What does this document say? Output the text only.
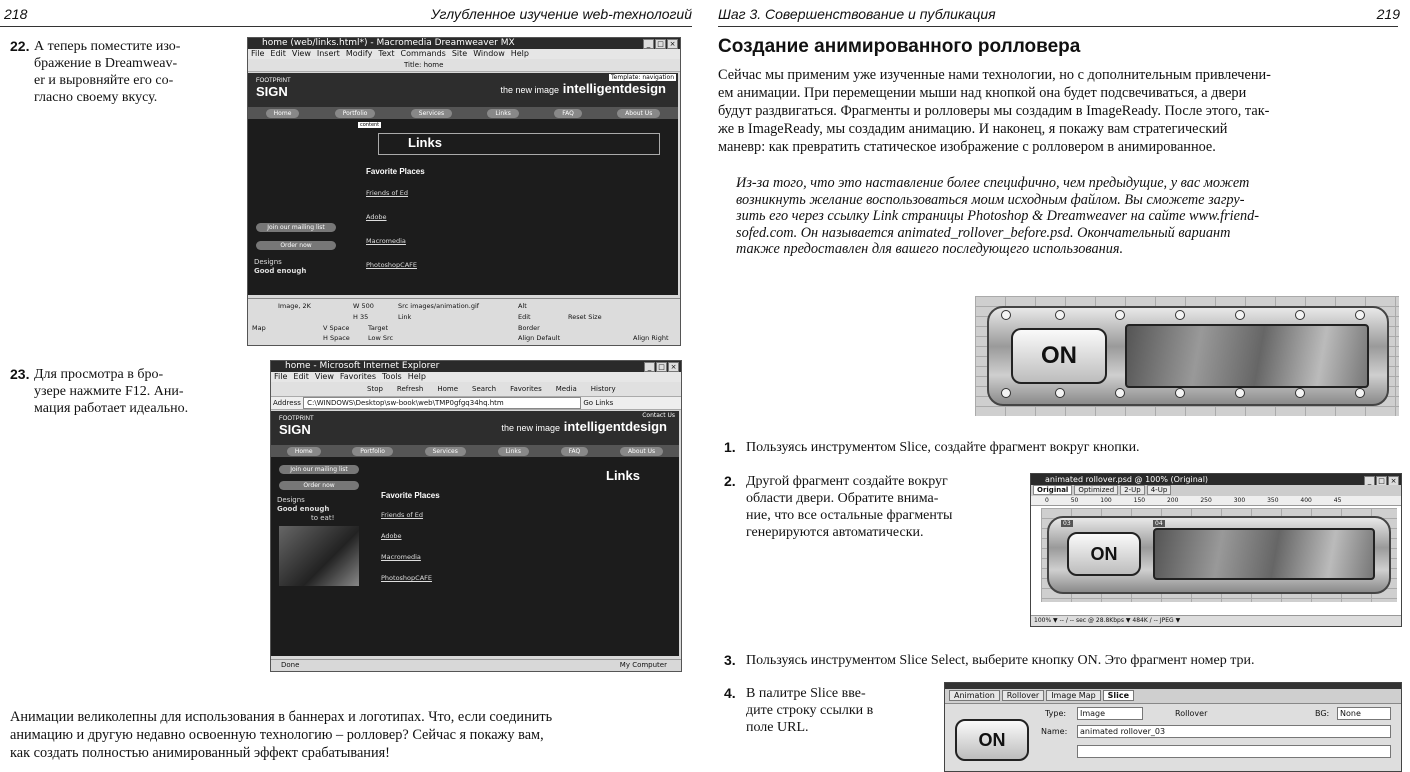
218	Углубленное изучение web-технологий
22. А теперь поместите изо-
бражение в Dreamweav-
er и выровняйте его со-
гласно своему вкусу.
home (web/links.html*) - Macromedia Dreamweaver MX	_ □ ×
File Edit View Insert Modify Text Commands Site Window Help
Title: home
FOOTPRINT
SIGN	the new image intelligentdesign
Template: navigation
Home	Portfolio	Services	Links	FAQ	About Us
content
Links
Favorite Places
Friends of Ed
Adobe
Macromedia
PhotoshopCAFE
Join our mailing list
Order now
Designs
Good enough
Image, 2K	W 500
H 35
Src images/animation.gif
Link
Alt
Edit	Reset Size
Map	V Space	Target	Border
H Space	Low Src	Align Default	Align Right
23. Для просмотра в бро-
узере нажмите F12. Ани-
мация работает идеально.
home - Microsoft Internet Explorer	_ □ ×
File Edit View Favorites Tools Help
Stop Refresh Home Search Favorites Media History
Address C:\WINDOWS\Desktop\sw-book\web\TMP0gfgq34hq.htm	Go Links
FOOTPRINT
SIGN	the new image intelligentdesign
Contact Us
Home	Portfolio	Services	Links	FAQ	About Us
Join our mailing list
Order now
Designs
Good enough
to eat!
Links
Favorite Places
Friends of Ed
Adobe
Macromedia
PhotoshopCAFE
Done	My Computer
Анимации великолепны для использования в баннерах и логотипах. Что, если соединить
анимацию и другую недавно освоенную технологию – ролловер? Сейчас я покажу вам,
как создать полностью анимированный эффект срабатывания!
Шаг 3. Совершенствование и публикация	219
Создание анимированного ролловера
Сейчас мы применим уже изученные нами технологии, но с дополнительным привлечени-
ем анимации. При перемещении мыши над кнопкой она будет подсвечиваться, а двери
будут раздвигаться. Фрагменты и ролловеры мы создадим в ImageReady. После этого, так-
же в ImageReady, мы создадим анимацию. И наконец, я покажу вам стратегический
маневр: как превратить статическое изображение с ролловером в анимированное.
Из-за того, что это наставление более специфично, чем предыдущие, у вас может
возникнуть желание воспользоваться моим исходным файлом. Вы сможете загру-
зить его через ссылку Link страницы Photoshop & Dreamweaver на сайте www.friend-
sofed.com. Он называется animated_rollover_before.psd. Окончательный вариант
также предоставлен для вашего последующего использования.
ON
1. Пользуясь инструментом Slice, создайте фрагмент вокруг кнопки.
2. Другой фрагмент создайте вокруг
области двери. Обратите внима-
ние, что все остальные фрагменты
генерируются автоматически.
animated rollover.psd @ 100% (Original)	_ □ ×
Original Optimized 2-Up 4-Up
0 50 100 150 200 250 300 350 400 45
ON
03	04
100% ▼ -- / -- sec @ 28.8Kbps ▼ 484K / -- JPEG ▼
3. Пользуясь инструментом Slice Select, выберите кнопку ON. Это фрагмент номер три.
4. В палитре Slice вве-
дите строку ссылки в
поле URL.
Animation Rollover Image Map Slice
ON
Type:	Image	Rollover	BG:	None
Name:	animated rollover_03
